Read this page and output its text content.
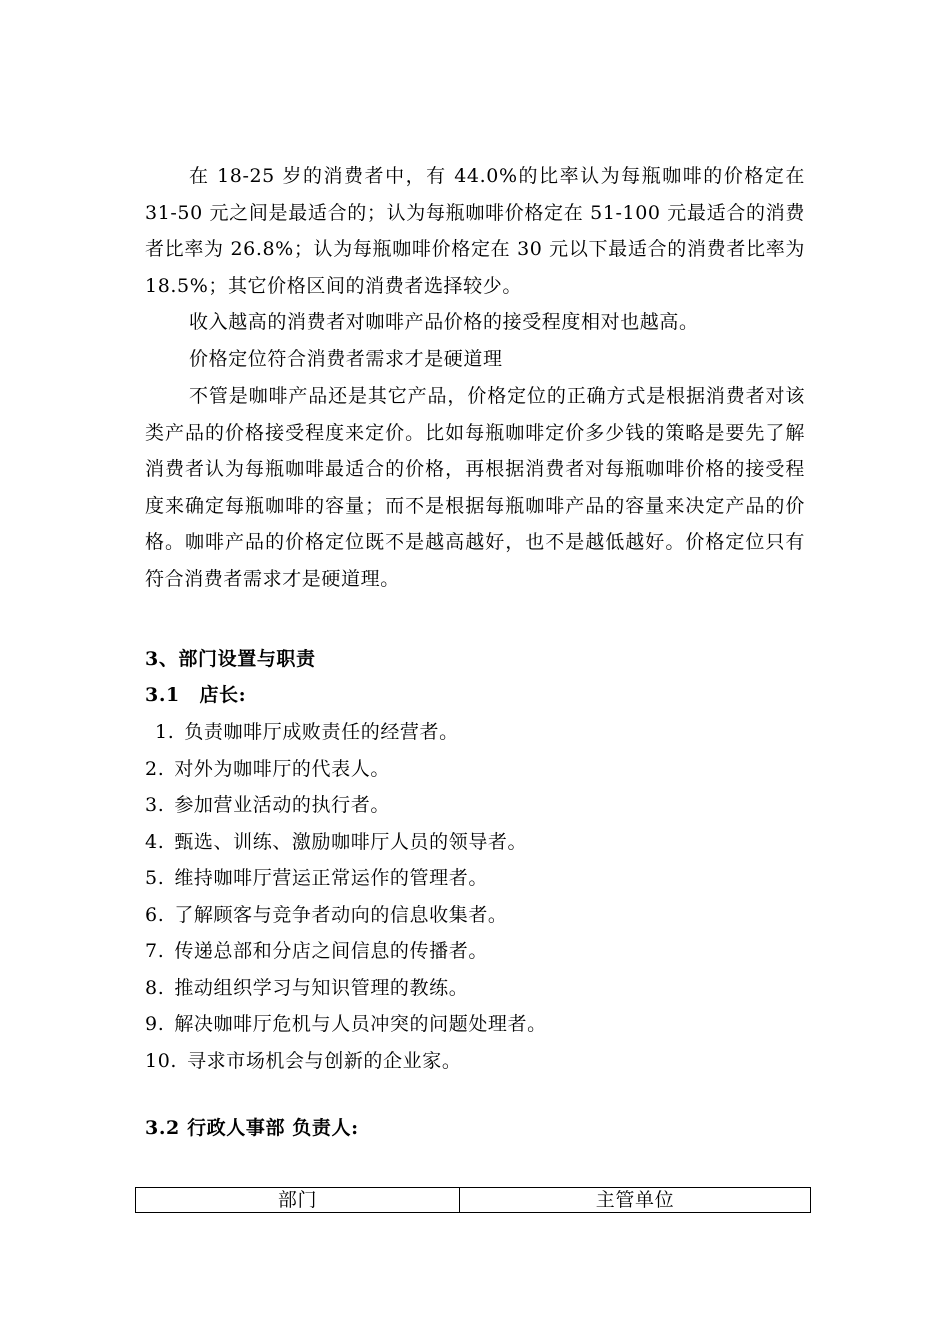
在 18-25 岁的消费者中，有 44.0%的比率认为每瓶咖啡的价格定在 31-50 元之间是最适合的；认为每瓶咖啡价格定在 51-100 元最适合的消费者比率为 26.8%；认为每瓶咖啡价格定在 30 元以下最适合的消费者比率为 18.5%；其它价格区间的消费者选择较少。

收入越高的消费者对咖啡产品价格的接受程度相对也越高。

价格定位符合消费者需求才是硬道理

不管是咖啡产品还是其它产品，价格定位的正确方式是根据消费者对该类产品的价格接受程度来定价。比如每瓶咖啡定价多少钱的策略是要先了解消费者认为每瓶咖啡最适合的价格，再根据消费者对每瓶咖啡价格的接受程度来确定每瓶咖啡的容量；而不是根据每瓶咖啡产品的容量来决定产品的价格。咖啡产品的价格定位既不是越高越好，也不是越低越好。价格定位只有符合消费者需求才是硬道理。

3、部门设置与职责
3.1　店长:
1. 负责咖啡厅成败责任的经营者。
2. 对外为咖啡厅的代表人。
3. 参加营业活动的执行者。
4. 甄选、训练、激励咖啡厅人员的领导者。
5. 维持咖啡厅营运正常运作的管理者。
6. 了解顾客与竞争者动向的信息收集者。
7. 传递总部和分店之间信息的传播者。
8. 推动组织学习与知识管理的教练。
9. 解决咖啡厅危机与人员冲突的问题处理者。
10. 寻求市场机会与创新的企业家。
3.2 行政人事部 负责人:
部门	主管单位
